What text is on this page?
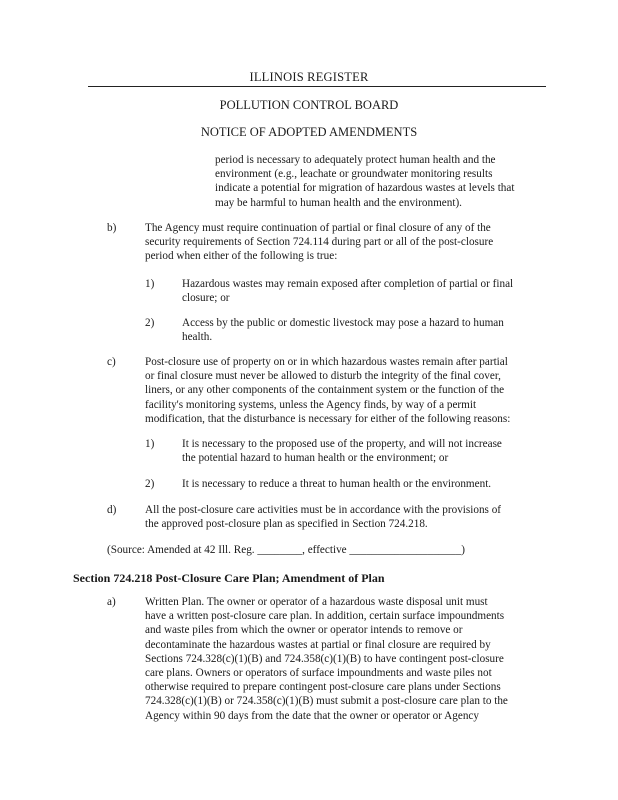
ILLINOIS REGISTER
POLLUTION CONTROL BOARD
NOTICE OF ADOPTED AMENDMENTS
period is necessary to adequately protect human health and the
environment (e.g., leachate or groundwater monitoring results
indicate a potential for migration of hazardous wastes at levels that
may be harmful to human health and the environment).
b)	The Agency must require continuation of partial or final closure of any of the
security requirements of Section 724.114 during part or all of the post-closure
period when either of the following is true:
1) Hazardous wastes may remain exposed after completion of partial or final
closure; or
2) Access by the public or domestic livestock may pose a hazard to human
health.
c)	Post-closure use of property on or in which hazardous wastes remain after partial
or final closure must never be allowed to disturb the integrity of the final cover,
liners, or any other components of the containment system or the function of the
facility's monitoring systems, unless the Agency finds, by way of a permit
modification, that the disturbance is necessary for either of the following reasons:
1) It is necessary to the proposed use of the property, and will not increase
the potential hazard to human health or the environment; or
2) It is necessary to reduce a threat to human health or the environment.
d)	All the post-closure care activities must be in accordance with the provisions of
the approved post-closure plan as specified in Section 724.218.
(Source: Amended at 42 Ill. Reg. ________, effective ____________________)
Section 724.218 Post-Closure Care Plan; Amendment of Plan
a)	Written Plan. The owner or operator of a hazardous waste disposal unit must
have a written post-closure care plan. In addition, certain surface impoundments
and waste piles from which the owner or operator intends to remove or
decontaminate the hazardous wastes at partial or final closure are required by
Sections 724.328(c)(1)(B) and 724.358(c)(1)(B) to have contingent post-closure
care plans. Owners or operators of surface impoundments and waste piles not
otherwise required to prepare contingent post-closure care plans under Sections
724.328(c)(1)(B) or 724.358(c)(1)(B) must submit a post-closure care plan to the
Agency within 90 days from the date that the owner or operator or Agency
